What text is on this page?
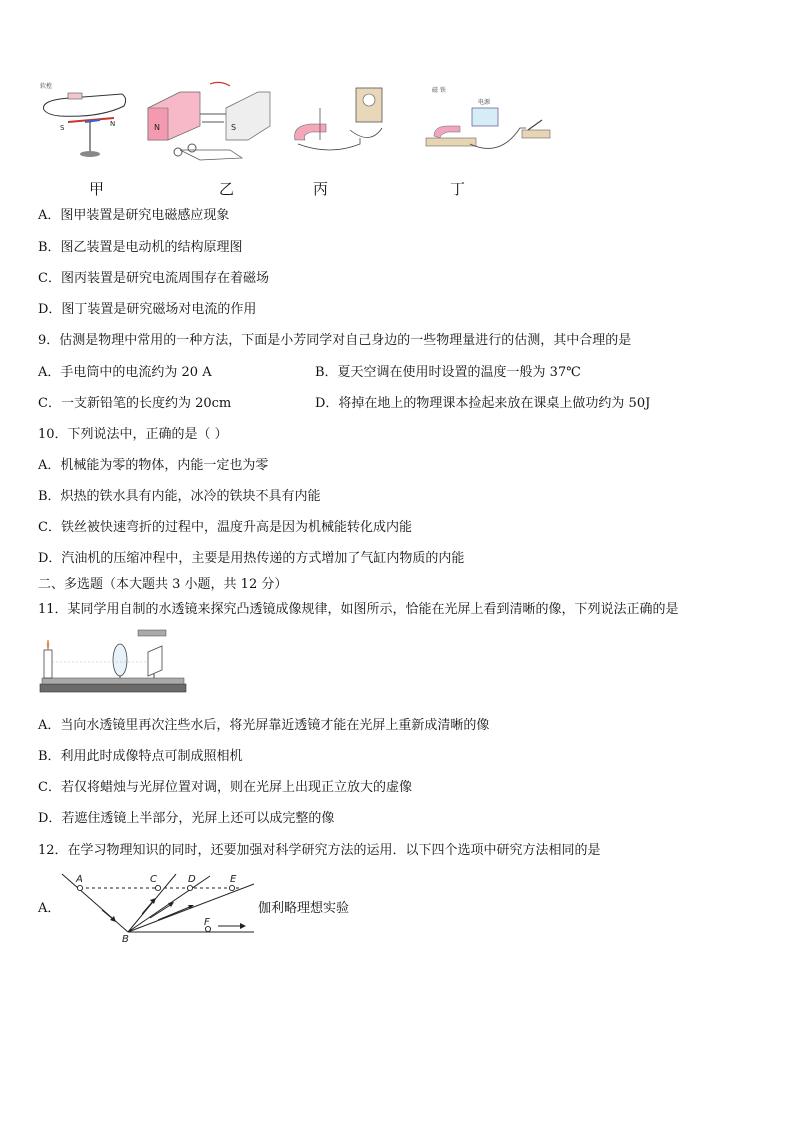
软樘
S	N	N	S
磁 铁
电源
甲	乙	丙	丁
A．图甲装置是研究电磁感应现象
B．图乙装置是电动机的结构原理图
C．图丙装置是研究电流周围存在着磁场
D．图丁装置是研究磁场对电流的作用
9．估测是物理中常用的一种方法，下面是小芳同学对自己身边的一些物理量进行的估测，其中合理的是
A．手电筒中的电流约为 20 A	B．夏天空调在使用时设置的温度一般为 37℃
C．一支新铅笔的长度约为 20cm	D．将掉在地上的物理课本捡起来放在课桌上做功约为 50J
10．下列说法中，正确的是（ ）
A．机械能为零的物体，内能一定也为零
B．炽热的铁水具有内能，冰冷的铁块不具有内能
C．铁丝被快速弯折的过程中，温度升高是因为机械能转化成内能
D．汽油机的压缩冲程中，主要是用热传递的方式增加了气缸内物质的内能
二、多选题（本大题共 3 小题，共 12 分）
11．某同学用自制的水透镜来探究凸透镜成像规律，如图所示，恰能在光屏上看到清晰的像，下列说法正确的是
A．当向水透镜里再次注些水后，将光屏靠近透镜才能在光屏上重新成清晰的像
B．利用此时成像特点可制成照相机
C．若仅将蜡烛与光屏位置对调，则在光屏上出现正立放大的虚像
D．若遮住透镜上半部分，光屏上还可以成完整的像
12．在学习物理知识的同时，还要加强对科学研究方法的运用．以下四个选项中研究方法相同的是
A．
A
B
C	D	E
F
伽利略理想实验
